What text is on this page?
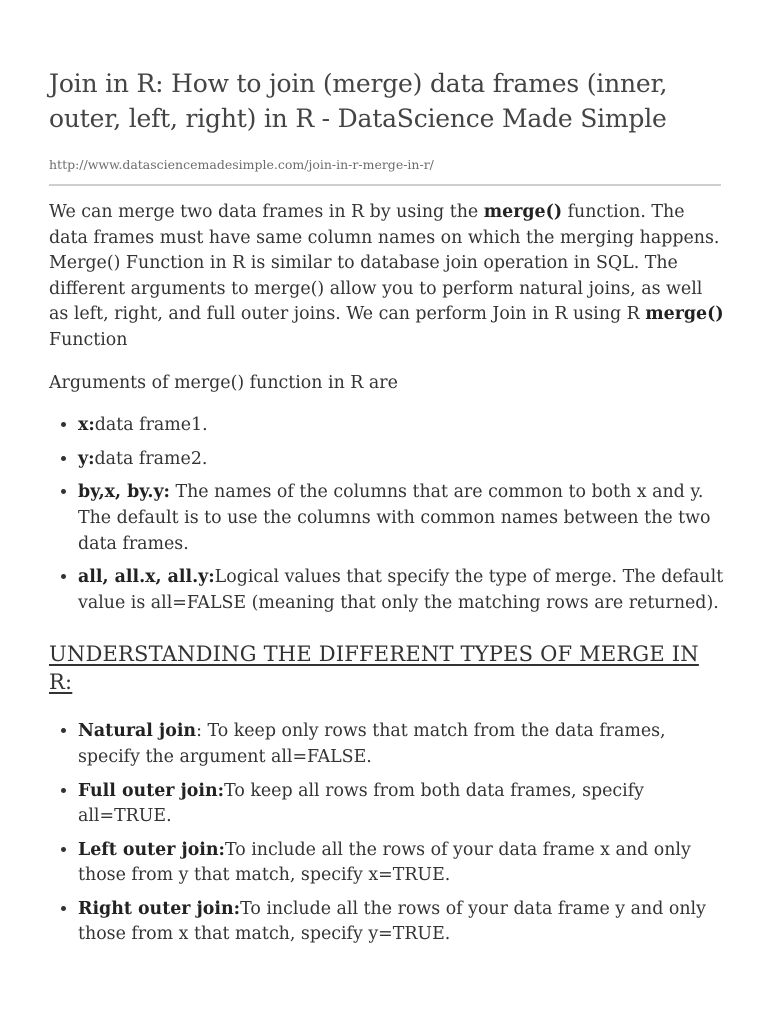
Join in R: How to join (merge) data frames (inner, outer, left, right) in R - DataScience Made Simple
http://www.datasciencemadesimple.com/join-in-r-merge-in-r/

We can merge two data frames in R by using the merge() function. The data frames must have same column names on which the merging happens. Merge() Function in R is similar to database join operation in SQL. The different arguments to merge() allow you to perform natural joins, as well as left, right, and full outer joins. We can perform Join in R using R merge() Function

Arguments of merge() function in R are

• x:data frame1.
• y:data frame2.
• by,x, by.y: The names of the columns that are common to both x and y. The default is to use the columns with common names between the two data frames.
• all, all.x, all.y:Logical values that specify the type of merge. The default value is all=FALSE (meaning that only the matching rows are returned).
UNDERSTANDING THE DIFFERENT TYPES OF MERGE IN R:
• Natural join: To keep only rows that match from the data frames, specify the argument all=FALSE.
• Full outer join:To keep all rows from both data frames, specify all=TRUE.
• Left outer join:To include all the rows of your data frame x and only those from y that match, specify x=TRUE.
• Right outer join:To include all the rows of your data frame y and only those from x that match, specify y=TRUE.
